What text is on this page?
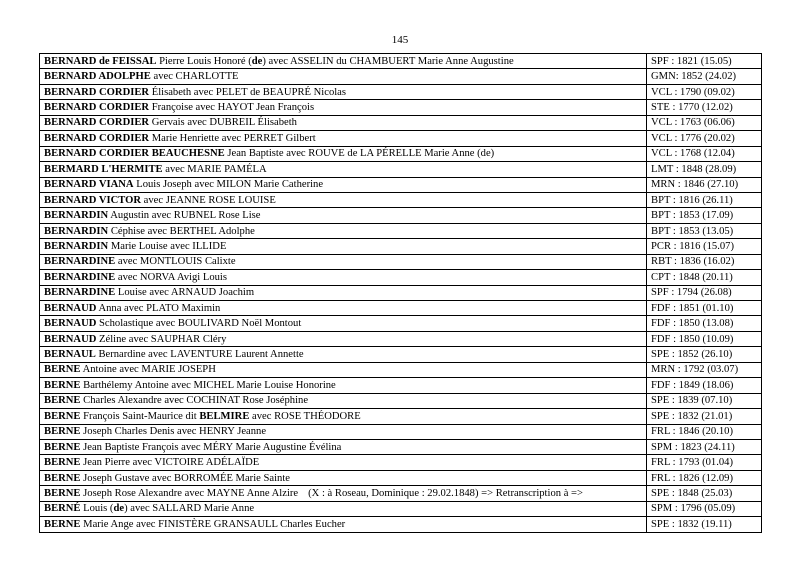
145
BERNARD de FEISSAL Pierre Louis Honoré (de) avec ASSELIN du CHAMBUERT Marie Anne Augustine	SPF : 1821 (15.05)
BERNARD ADOLPHE avec CHARLOTTE	GMN: 1852 (24.02)
BERNARD CORDIER Élisabeth avec PELET de BEAUPRÉ Nicolas	VCL : 1790 (09.02)
BERNARD CORDIER Françoise avec HAYOT Jean François	STE : 1770 (12.02)
BERNARD CORDIER Gervais avec DUBREIL Élisabeth	VCL : 1763 (06.06)
BERNARD CORDIER Marie Henriette avec PERRET Gilbert	VCL : 1776 (20.02)
BERNARD CORDIER BEAUCHESNE Jean Baptiste avec ROUVE de LA PÉRELLE Marie Anne (de)	VCL : 1768 (12.04)
BERMARD L'HERMITE avec MARIE PAMÉLA	LMT : 1848 (28.09)
BERNARD VIANA Louis Joseph avec MILON Marie Catherine	MRN : 1846 (27.10)
BERNARD VICTOR avec JEANNE ROSE LOUISE	BPT : 1816 (26.11)
BERNARDIN Augustin avec RUBNEL Rose Lise	BPT : 1853 (17.09)
BERNARDIN Céphise avec BERTHEL Adolphe	BPT : 1853 (13.05)
BERNARDIN Marie Louise avec ILLIDE	PCR : 1816 (15.07)
BERNARDINE avec MONTLOUIS Calixte	RBT : 1836 (16.02)
BERNARDINE avec NORVA Avigi Louis	CPT : 1848 (20.11)
BERNARDINE Louise avec ARNAUD Joachim	SPF : 1794 (26.08)
BERNAUD Anna avec PLATO Maximin	FDF : 1851 (01.10)
BERNAUD Scholastique avec BOULIVARD Noël Montout	FDF : 1850 (13.08)
BERNAUD Zéline avec SAUPHAR Cléry	FDF : 1850 (10.09)
BERNAUL Bernardine avec LAVENTURE Laurent Annette	SPE : 1852 (26.10)
BERNE Antoine avec MARIE JOSEPH	MRN : 1792 (03.07)
BERNE Barthélemy Antoine avec MICHEL Marie Louise Honorine	FDF : 1849 (18.06)
BERNE Charles Alexandre avec COCHINAT Rose Joséphine	SPE : 1839 (07.10)
BERNE François Saint-Maurice dit BELMIRE avec ROSE THÉODORE	SPE : 1832 (21.01)
BERNE Joseph Charles Denis avec HENRY Jeanne	FRL : 1846 (20.10)
BERNE Jean Baptiste François avec MÉRY Marie Augustine Évélina	SPM : 1823 (24.11)
BERNE Jean Pierre avec VICTOIRE ADÉLAÏDE	FRL : 1793 (01.04)
BERNE Joseph Gustave avec BORROMÉE Marie Sainte	FRL : 1826 (12.09)
BERNE Joseph Rose Alexandre avec MAYNE Anne Alzire (X : à Roseau, Dominique : 29.02.1848) => Retranscription à =>	SPE : 1848 (25.03)
BERNÉ Louis (de) avec SALLARD Marie Anne	SPM : 1796 (05.09)
BERNE Marie Ange avec FINISTÈRE GRANSAULL Charles Eucher	SPE : 1832 (19.11)
